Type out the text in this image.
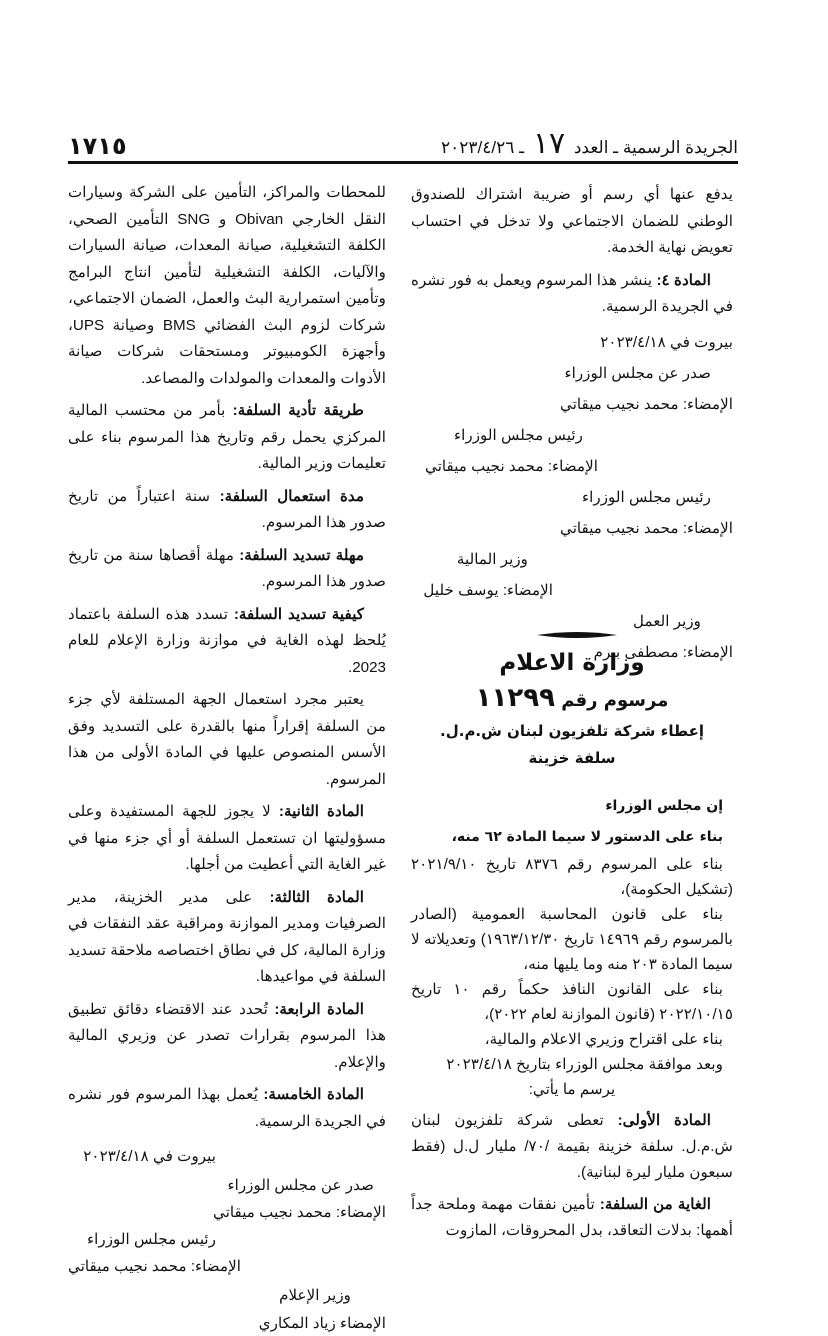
الجريدة الرسمية ـ العدد ١٧ ـ ٢٠٢٣/٤/٢٦
١٧١٥

يدفع عنها أي رسم أو ضريبة اشتراك للصندوق الوطني للضمان الاجتماعي ولا تدخل في احتساب تعويض نهاية الخدمة.

المادة ٤: ينشر هذا المرسوم ويعمل به فور نشره في الجريدة الرسمية.

بيروت في ٢٠٢٣/٤/١٨
صدر عن مجلس الوزراء
الإمضاء: محمد نجيب ميقاتي
رئيس مجلس الوزراء
الإمضاء: محمد نجيب ميقاتي
رئيس مجلس الوزراء
الإمضاء: محمد نجيب ميقاتي
وزير المالية
الإمضاء: يوسف خليل
وزير العمل
الإمضاء: مصطفى بيرم
وزارة الاعلام
مرسوم رقم ١١٢٩٩
إعطاء شركة تلفزيون لبنان ش.م.ل.
سلفة خزينة

إن مجلس الوزراء

بناء على الدستور لا سيما المادة ٦٢ منه،

بناء على المرسوم رقم ٨٣٧٦ تاريخ ٢٠٢١/٩/١٠ (تشكيل الحكومة)،

بناء على قانون المحاسبة العمومية (الصادر بالمرسوم رقم ١٤٩٦٩ تاريخ ١٩٦٣/١٢/٣٠) وتعديلاته لا سيما المادة ٢٠٣ منه وما يليها منه،

بناء على القانون النافذ حكماً رقم ١٠ تاريخ ٢٠٢٢/١٠/١٥ (قانون الموازنة لعام ٢٠٢٢)،

بناء على اقتراح وزيري الاعلام والمالية،

وبعد موافقة مجلس الوزراء بتاريخ ٢٠٢٣/٤/١٨

يرسم ما يأتي:

المادة الأولى: تعطى شركة تلفزيون لبنان ش.م.ل. سلفة خزينة بقيمة /٧٠/ مليار ل.ل (فقط سبعون مليار ليرة لبنانية).

الغاية من السلفة: تأمين نفقات مهمة وملحة جداً أهمها: بدلات التعاقد، بدل المحروقات، المازوت

للمحطات والمراكز، التأمين على الشركة وسيارات النقل الخارجي Obivan و SNG التأمين الصحي، الكلفة التشغيلية، صيانة المعدات، صيانة السيارات والآليات، الكلفة التشغيلية لتأمين انتاج البرامج وتأمين استمرارية البث والعمل، الضمان الاجتماعي، شركات لزوم البث الفضائي BMS وصيانة UPS، وأجهزة الكومبيوتر ومستحقات شركات صيانة الأدوات والمعدات والمولدات والمصاعد.

طريقة تأدية السلفة: بأمر من محتسب المالية المركزي يحمل رقم وتاريخ هذا المرسوم بناء على تعليمات وزير المالية.

مدة استعمال السلفة: سنة اعتباراً من تاريخ صدور هذا المرسوم.

مهلة تسديد السلفة: مهلة أقصاها سنة من تاريخ صدور هذا المرسوم.

كيفية تسديد السلفة: تسدد هذه السلفة باعتماد يُلحظ لهذه الغاية في موازنة وزارة الإعلام للعام 2023.

يعتبر مجرد استعمال الجهة المستلفة لأي جزء من السلفة إقراراً منها بالقدرة على التسديد وفق الأسس المنصوص عليها في المادة الأولى من هذا المرسوم.

المادة الثانية: لا يجوز للجهة المستفيدة وعلى مسؤوليتها ان تستعمل السلفة أو أي جزء منها في غير الغاية التي أعطيت من أجلها.

المادة الثالثة: على مدير الخزينة، مدير الصرفيات ومدير الموازنة ومراقبة عقد النفقات في وزارة المالية، كل في نطاق اختصاصه ملاحقة تسديد السلفة في مواعيدها.

المادة الرابعة: تُحدد عند الاقتضاء دقائق تطبيق هذا المرسوم بقرارات تصدر عن وزيري المالية والإعلام.

المادة الخامسة: يُعمل بهذا المرسوم فور نشره في الجريدة الرسمية.

بيروت في ٢٠٢٣/٤/١٨
صدر عن مجلس الوزراء
الإمضاء: محمد نجيب ميقاتي
رئيس مجلس الوزراء
الإمضاء: محمد نجيب ميقاتي
وزير الإعلام
الإمضاء زياد المكاري
